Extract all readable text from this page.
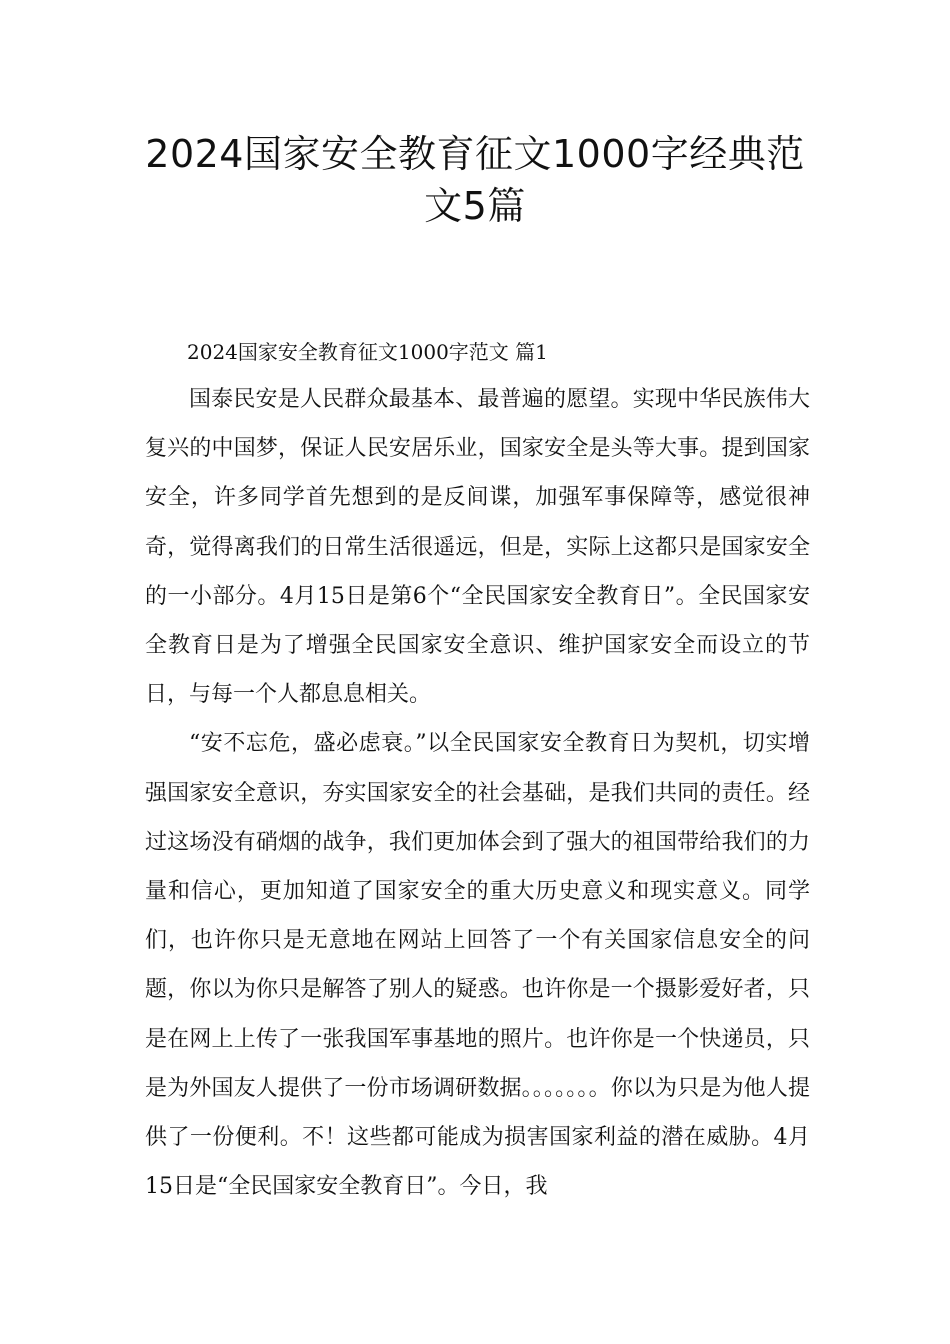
2024国家安全教育征文1000字经典范
文5篇
2024国家安全教育征文1000字范文 篇1

国泰民安是人民群众最基本、最普遍的愿望。实现中华民族伟大复兴的中国梦，保证人民安居乐业，国家安全是头等大事。提到国家安全，许多同学首先想到的是反间谍，加强军事保障等，感觉很神奇，觉得离我们的日常生活很遥远，但是，实际上这都只是国家安全的一小部分。4月15日是第6个“全民国家安全教育日”。全民国家安全教育日是为了增强全民国家安全意识、维护国家安全而设立的节日，与每一个人都息息相关。

“安不忘危，盛必虑衰。”以全民国家安全教育日为契机，切实增强国家安全意识，夯实国家安全的社会基础，是我们共同的责任。经过这场没有硝烟的战争，我们更加体会到了强大的祖国带给我们的力量和信心，更加知道了国家安全的重大历史意义和现实意义。同学们，也许你只是无意地在网站上回答了一个有关国家信息安全的问题，你以为你只是解答了别人的疑惑。也许你是一个摄影爱好者，只是在网上上传了一张我国军事基地的照片。也许你是一个快递员，只是为外国友人提供了一份市场调研数据。。。。。。。你以为只是为他人提供了一份便利。不！这些都可能成为损害国家利益的潜在威胁。4月15日是“全民国家安全教育日”。今日，我
